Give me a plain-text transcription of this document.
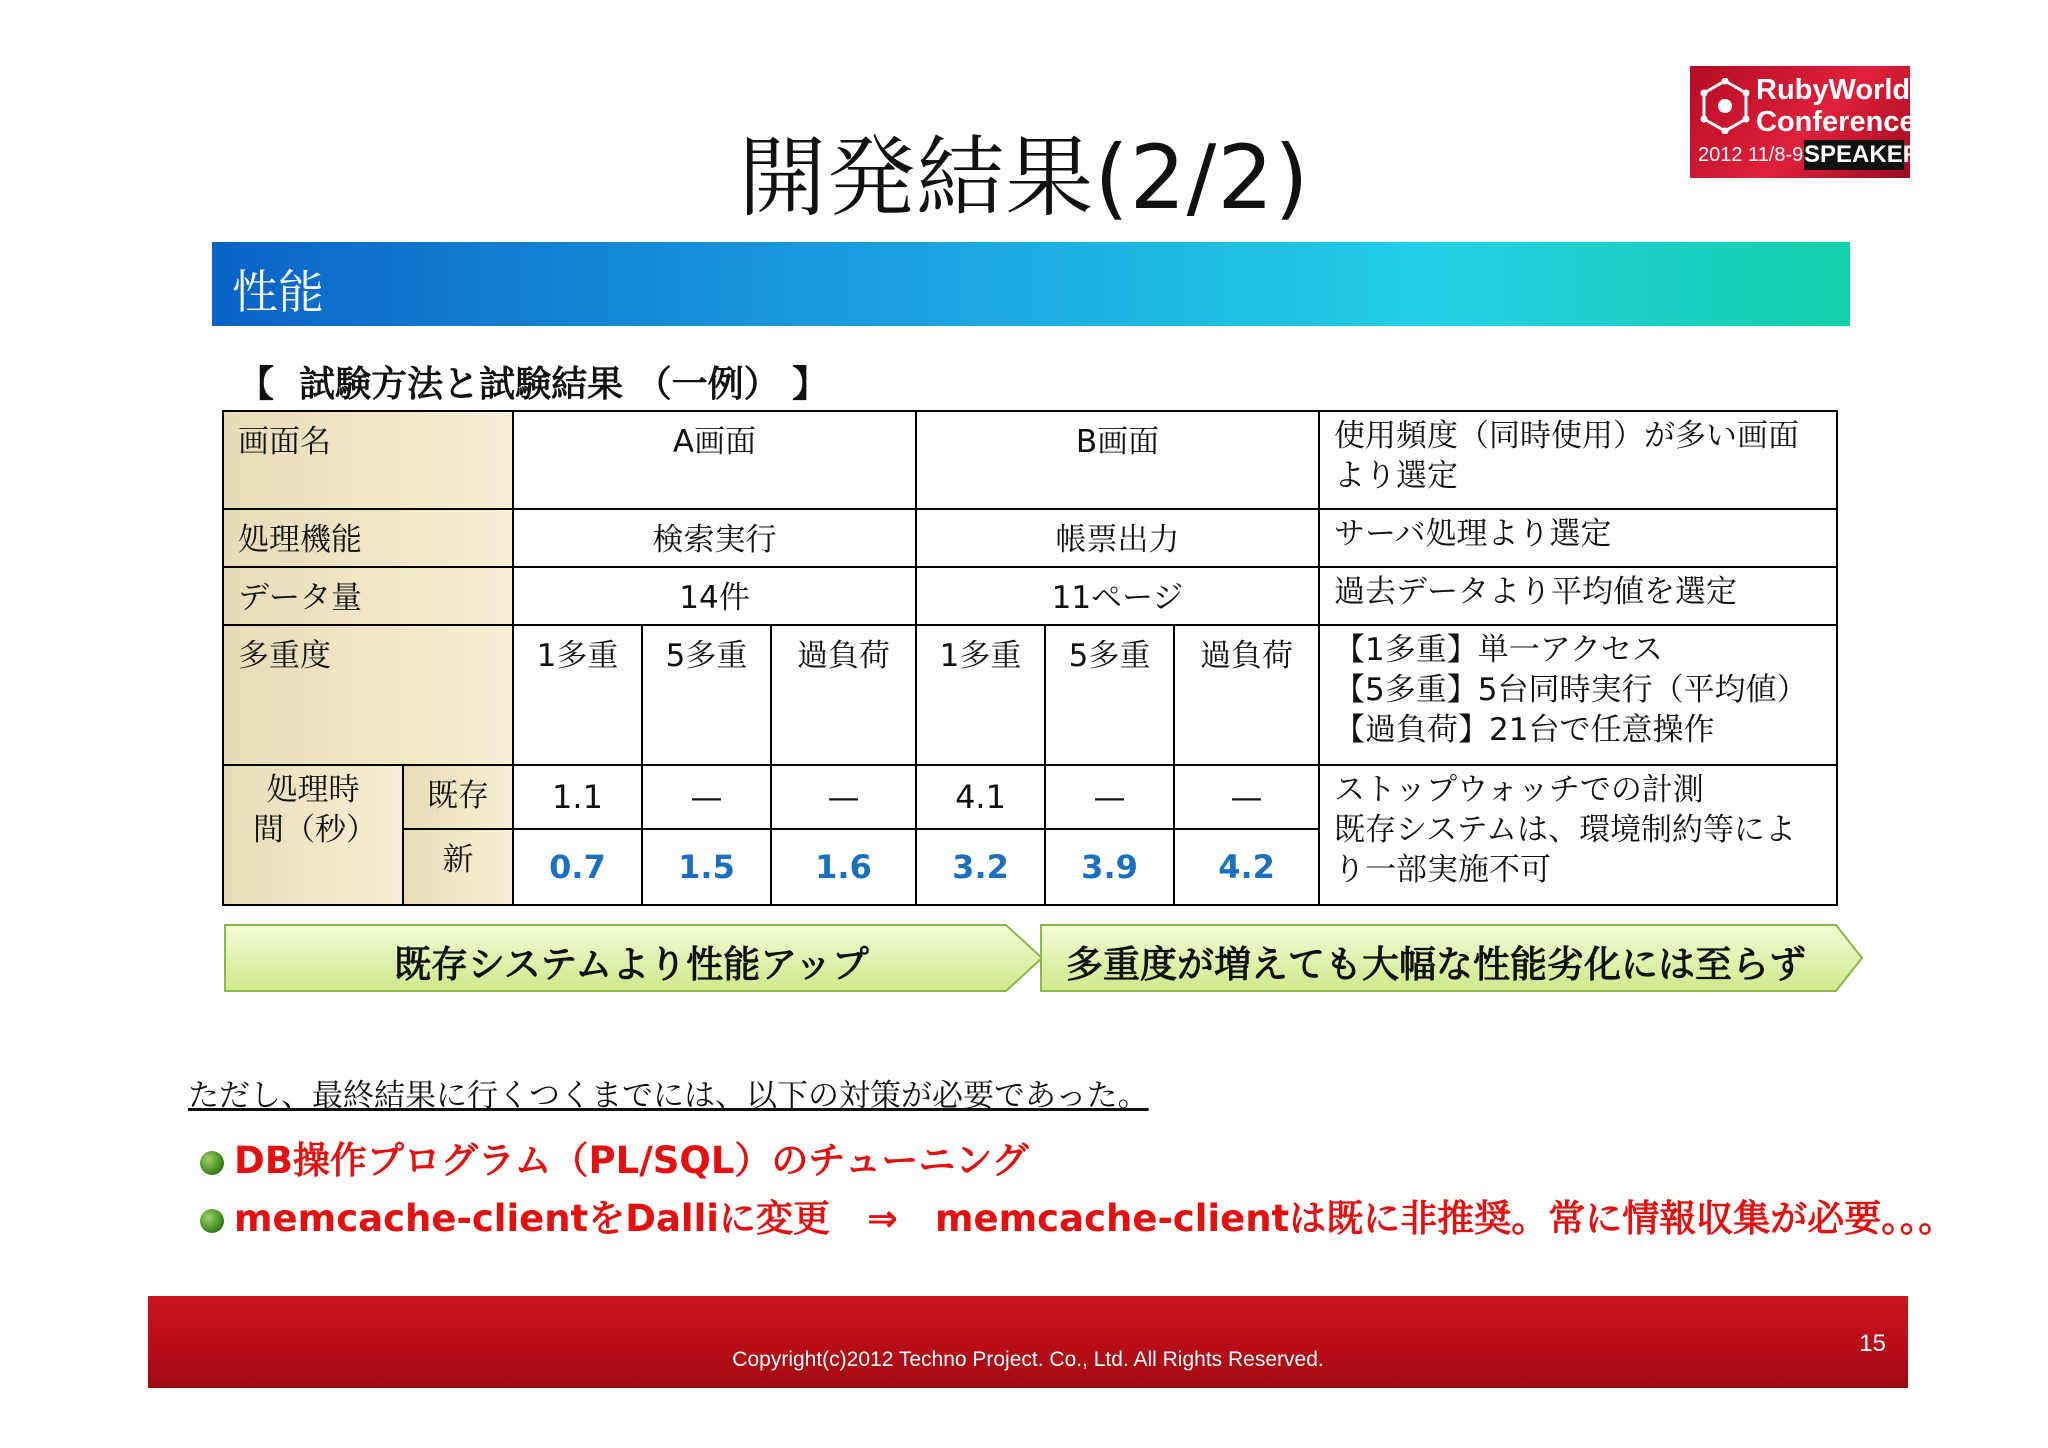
開発結果(2/2)
RubyWorld
Conference
2012 11/8-9 SPEAKER
性能
【  試験方法と試験結果 （一例） 】
画面名		A画面			B画面			使用頻度（同時使用）が多い画面より選定
処理機能		検索実行			帳票出力			サーバ処理より選定
データ量		14件			11ページ			過去データより平均値を選定
多重度		1多重	5多重	過負荷	1多重	5多重	過負荷	【1多重】単一アクセス
【5多重】5台同時実行（平均値）
【過負荷】21台で任意操作

処理時間（秒）	既存	1.1	—	—	4.1	—	—	ストップウォッチでの計測
既存システムは、環境制約等により一部実施不可

	新	0.7	1.5	1.6	3.2	3.9	4.2	
既存システムより性能アップ	多重度が増えても大幅な性能劣化には至らず
ただし、最終結果に行くつくまでには、以下の対策が必要であった。
DB操作プログラム（PL/SQL）のチューニング
memcache-clientをDalliに変更　⇒　memcache-clientは既に非推奨。常に情報収集が必要。。。
Copyright(c)2012 Techno Project. Co., Ltd. All Rights Reserved.
15
